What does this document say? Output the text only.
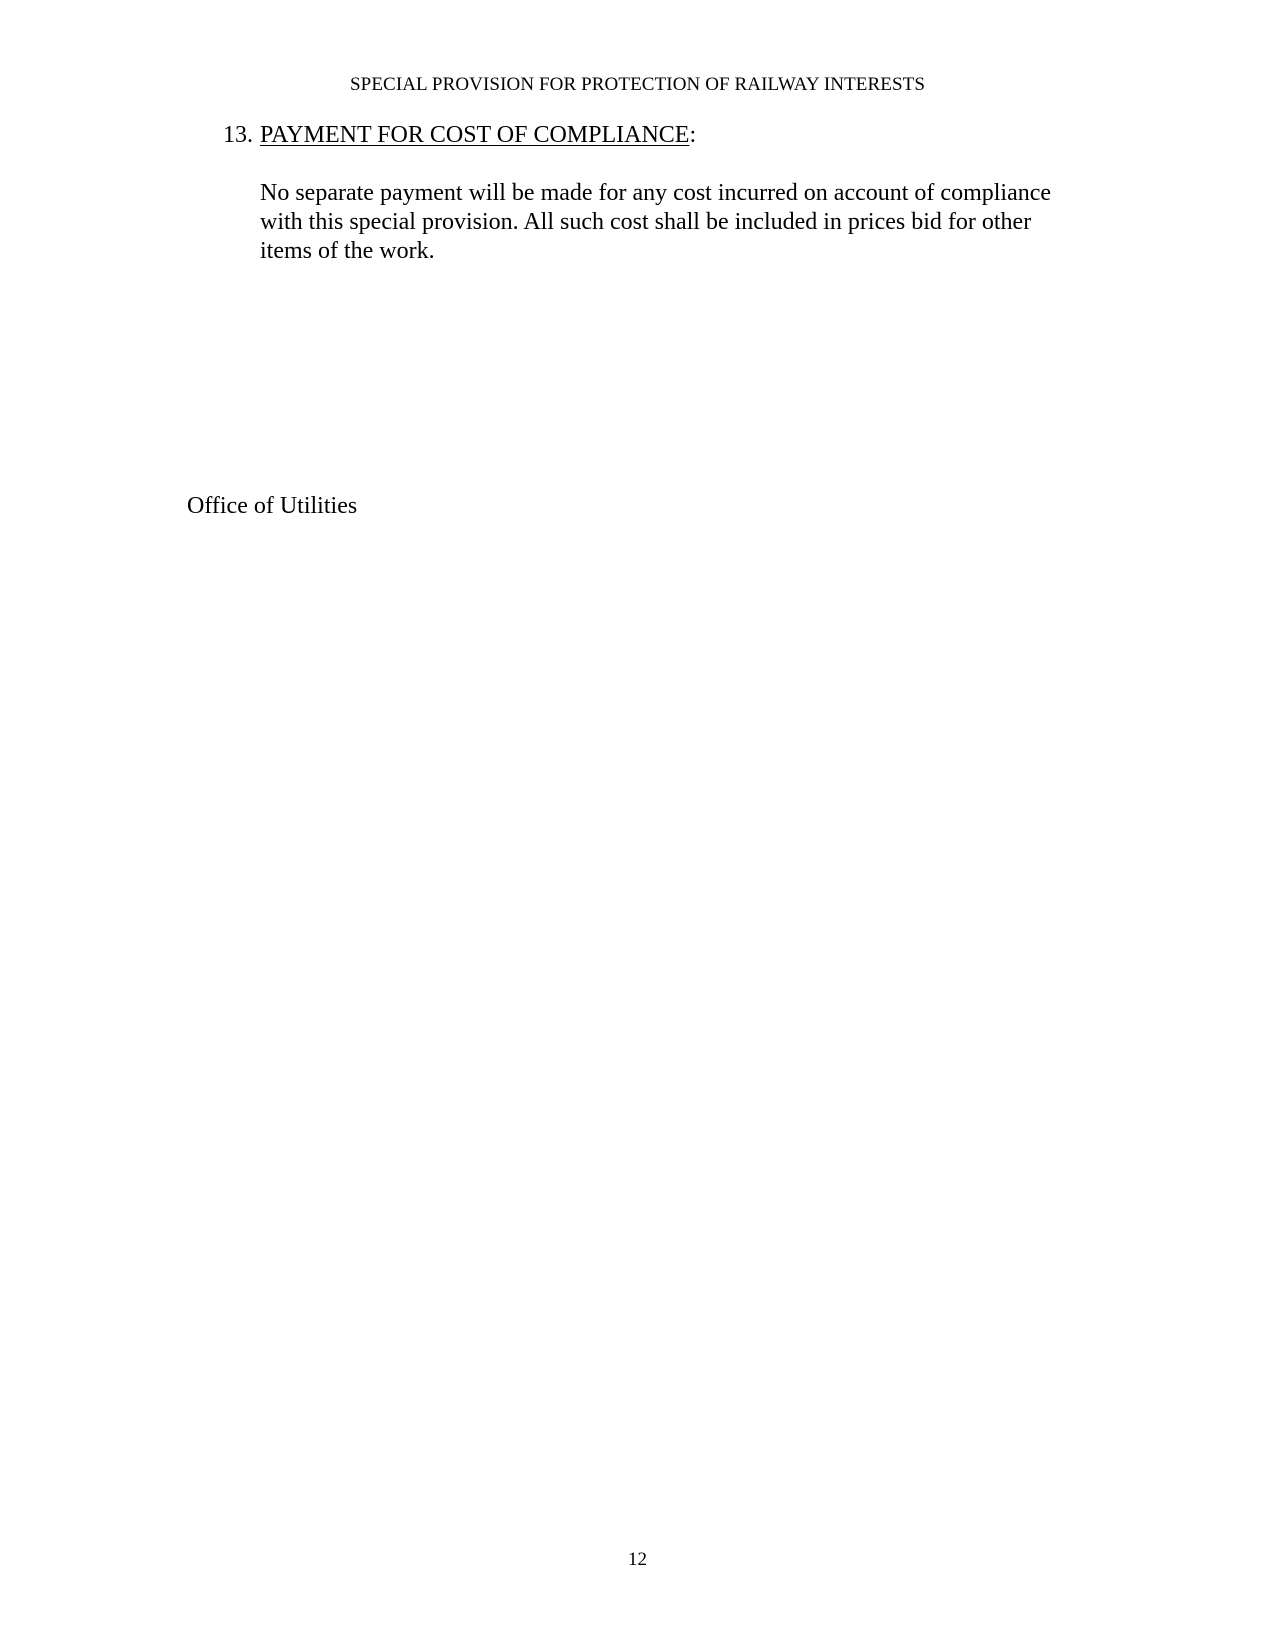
SPECIAL PROVISION FOR PROTECTION OF RAILWAY INTERESTS
13. PAYMENT FOR COST OF COMPLIANCE:
No separate payment will be made for any cost incurred on account of compliance
with this special provision. All such cost shall be included in prices bid for other
items of the work.
Office of Utilities
12
